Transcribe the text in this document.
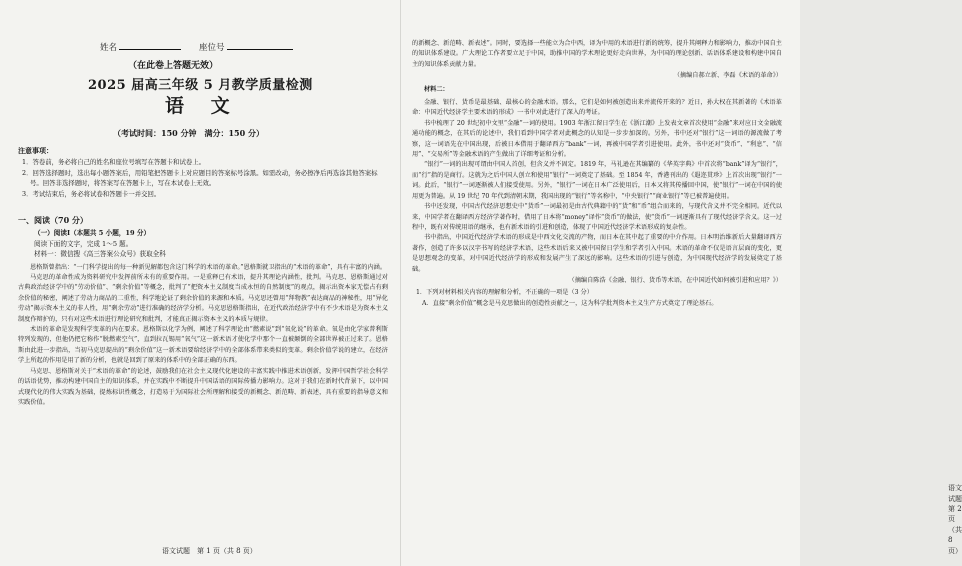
姓名	座位号
（在此卷上答题无效）
2025 届高三年级 5 月教学质量检测
语 文
（考试时间：150 分钟　满分：150 分）
注意事项：

1．答卷前，务必将自己的姓名和座位号填写在答题卡和试卷上。

2．回答选择题时，选出每小题答案后，用铅笔把答题卡上对应题目的答案标号涂黑。如需改动，务必擦净后再选涂其他答案标号。回答非选择题时，将答案写在答题卡上，写在本试卷上无效。

3．考试结束后，务必将试卷和答题卡一并交回。

一、阅读（70 分）

（一）阅读Ⅰ（本题共 5 小题，19 分）

阅读下面的文字，完成 1～5 题。

材料一：微信搜《高三答案公众号》获取全科

恩格斯曾指出：“一门科学提出的每一种新见解都包含这门科学的术语的革命。”恩格斯就卫指出的“术语的革命”，具有丰富的内涵。

马克思的革命性成为资料研究中发挥前所未有的重要作用。一是重释已有术语，提升其理论内涵性，批判。马克思、恩格斯通过对古典政治经济学中的“劳动价值”、“剩余价值”等概念，批判了“把资本主义制度当成永恒的自然制度”的观点，揭示出资本家无偿占有剩余价值的秘密，阐述了劳动力商品的二重性，科学地论证了剩余价值的来源和本质。马克思还曾用“拜物教”表达商品的神秘性，用“异化劳动”揭示资本主义的非人性，用“剩余劳动”进行准确的经济学分析。马克思恩格斯指出，在近代政治经济学中有不少术语是为资本主义制度作辩护的，只有对这些术语进行理论研究和批判，才能真正揭示资本主义的本质与规律。

术语的革命是发现科学变革的内在要求。恩格斯以化学为例，阐述了科学理论由“燃素说”到“氧化说”的革命。氧是由化学家普利斯特列发现的，但他仍把它称作“脱燃素空气”，直到拉瓦锡用“氧气”这一新术语才使化学中那个一直被颠倒的全部世界被正过来了。恩格斯由此进一步指出，当初马克思提出的“剩余价值”这一新术语要给经济学中的全部体系带来类似的变革。剩余价值学说的建立，在经济学上所起的作用是用了新的分析，也就是回到了原来的体系中的全部正确的东西。

马克思、恩格斯对关于“术语的革命”的论述，鼓励我们在社会主义现代化建设的丰富实践中推进术语创新，发挥中国哲学社会科学的话语优势，推动构建中国自主的知识体系，并在实践中不断提升中国话语的国际传播力影响力。这对于我们在新时代背景下，以中国式现代化的伟大实践为基础，提炼标识性概念，打造易于为国际社会所理解和接受的新概念、新范畴、新表述，具有重要的指导意义和实践价值。

语文试题　第 1 页（共 8 页）

的新概念、新范畴、新表述”。同时，要选择一些能立为合中西，译为中用的术语进行新的统筹，提升其阐释力和影响力，推动中国自主的知识体系建设。广大理论工作者要立足于中国，助推中国的学术理论更好走向世界，为中国的理论创新、话语体系建设和构建中国自主的知识体系贡献力量。

（摘编自郝立新、李磊《术语的革命》）
材料二：

金融、银行、货币是最基础、最核心的金融术语。那么，它们是如何被创造出来并流传开来的？近日，孙大权在其新著的《术语革命：中国近代经济学主要术语的形成》一书中对此进行了深入的考证。

书中梳理了 20 世纪初中文里“金融”一词的使用。1903 年浙江留日学生在《浙江潮》上发表文章首次使用“金融”来对应日文金融流通功能的概念，在其后的论述中，我们看到中国学者对此概念的认知是一步步加深的。另外，书中还对“银行”这一词语的源流做了考察，这一词语先在中国出现，后被日本借用于翻译西方“bank”一词，再被中国学者引进使用。此外，书中还对“货币”、“利息”、“信用”、“交易所”等金融术语的产生做出了详细考证和分析。

“银行”一词的出现可谓由中国人首创，但含义并不固定。1819 年，马礼逊在其编纂的《华英字典》中首次将“bank”译为“银行”，而“行”指的是商行。这就为之后中国人创立和使用“银行”一词奠定了基础。至 1854 年，香港刊出的《遐迩贯珍》上首次出现“银行”一词。此后，“银行”一词逐渐被人们接受使用。另外，“银行”一词在日本广泛使用后，日本又将其传播回中国，使“银行”一词在中国的使用更为普遍。从 19 世纪 70 年代到清朝末期，我国出现的“银行”等名称中，“中央银行”“商业银行”等已被普遍使用。

书中还发现，中国古代经济思想史中“货币”一词最初是由古代典籍中的“货”和“币”组合而来的，与现代含义并不完全相同。近代以来，中国学者在翻译西方经济学著作时，借用了日本将“money”译作“货币”的做法，使“货币”一词逐渐具有了现代经济学含义。这一过程中，既有对传统用语的继承，也有新术语的引进和创造，体现了中国近代经济学术语形成的复杂性。

书中指出，中国近代经济学术语的形成是中西文化交流的产物，而日本在其中起了重要的中介作用。日本明治维新后大量翻译西方著作，创造了许多以汉字书写的经济学术语，这些术语后来又被中国留日学生和学者引入中国。术语的革命不仅是语言层面的变化，更是思想观念的变革，对中国近代经济学的形成和发展产生了深远的影响。这些术语的引进与创造，为中国现代经济学的发展奠定了基础。

（摘编自陈浩《金融、银行、货币等术语，在中国近代如何被引进和应用？》）

1．下列对材料相关内容的理解和分析，不正确的一项是（3 分）

A．直接“剩余价值”概念是马克思做出的创造性贡献之一，这为科学批判资本主义生产方式奠定了理论基石。

语文试题　第 2 页（共 8 页）
